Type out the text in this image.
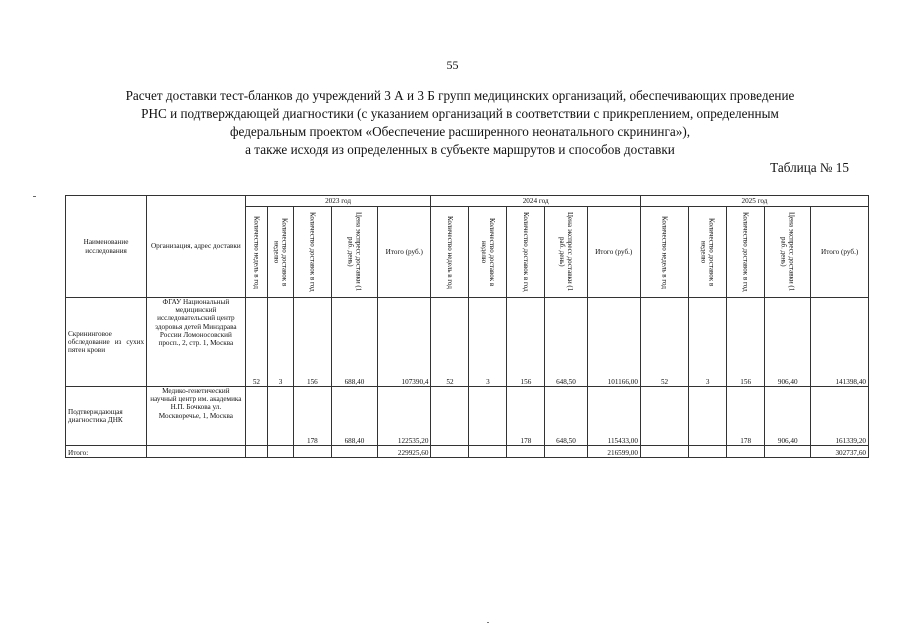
55
Расчет доставки тест-бланков до учреждений 3 А и 3 Б групп медицинских организаций, обеспечивающих проведение
РНС и подтверждающей диагностики (с указанием организаций в соответствии с прикреплением, определенным
федеральным проектом «Обеспечение расширенного неонатального скрининга»),
а также исходя из определенных в субъекте маршрутов и способов доставки
Таблица № 15
Наименование исследования	Организация, адрес доставки	2023 год					2024 год					2025 год				

		Количество недель в год	Количество доставок в неделю	Количество доставок в год	Цена экспресс доставки (1 раб. день)	Итого (руб.)	Количество недель в год	Количество доставок в неделю	Количество доставок в год	Цена экспресс доставки (1 раб. день)	Итого (руб.)	Количество недель в год	Количество доставок в неделю	Количество доставок в год	Цена экспресс доставки (1 раб. день)	Итого (руб.)
Скрининговое обследование из сухих пятен крови	ФГАУ Национальный медицинский исследовательский центр здоровья детей Минздрава России Ломоносовский просп., 2, стр. 1, Москва	52	3	156	688,40	107390,4	52	3	156	648,50	101166,00	52	3	156	906,40	141398,40
Подтверждающая диагностика ДНК	Медико-генетический научный центр им. академика Н.П. Бочкова ул. Москворечье, 1, Москва			178	688,40	122535,20			178	648,50	115433,00			178	906,40	161339,20
Итого:						229925,60					216599,00					302737,60
